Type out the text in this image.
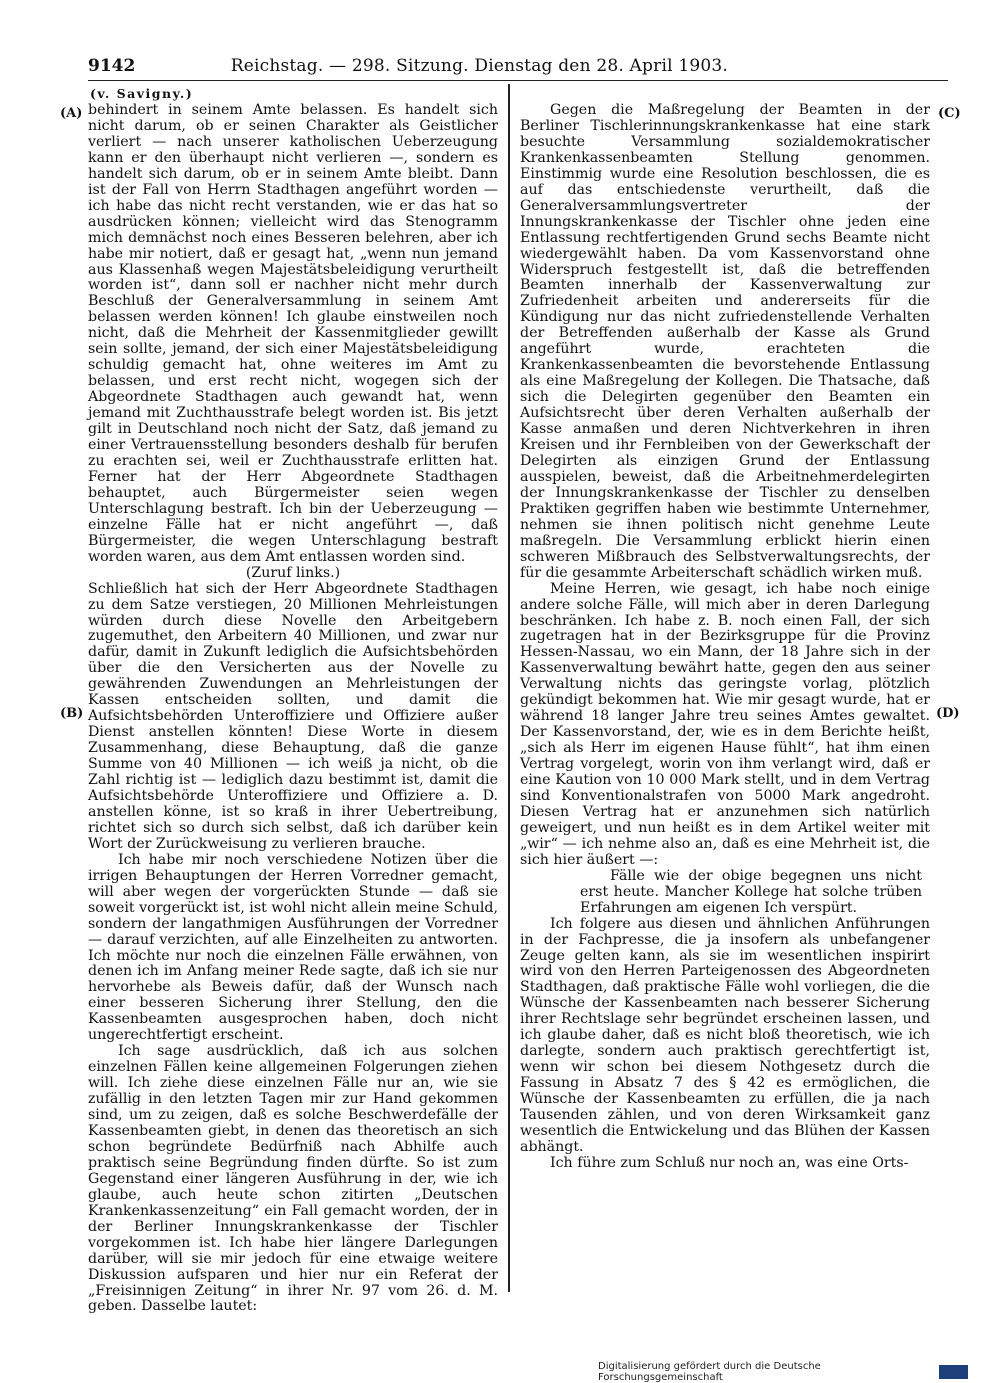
9142	Reichstag. — 298. Sitzung. Dienstag den 28. April 1903.
(v. Savigny.)
(A)
(B)
(C)
(D)

behindert in seinem Amte belassen. Es handelt sich nicht darum, ob er seinen Charakter als Geistlicher verliert — nach unserer katholischen Ueberzeugung kann er den überhaupt nicht verlieren —, sondern es handelt sich darum, ob er in seinem Amte bleibt. Dann ist der Fall von Herrn Stadthagen angeführt worden — ich habe das nicht recht verstanden, wie er das hat so ausdrücken können; vielleicht wird das Stenogramm mich demnächst noch eines Besseren belehren, aber ich habe mir notiert, daß er gesagt hat, „wenn nun jemand aus Klassenhaß wegen Majestätsbeleidigung verurtheilt worden ist“, dann soll er nachher nicht mehr durch Beschluß der Generalversammlung in seinem Amt belassen werden können! Ich glaube einstweilen noch nicht, daß die Mehrheit der Kassenmitglieder gewillt sein sollte, jemand, der sich einer Majestätsbeleidigung schuldig gemacht hat, ohne weiteres im Amt zu belassen, und erst recht nicht, wogegen sich der Abgeordnete Stadthagen auch gewandt hat, wenn jemand mit Zuchthausstrafe belegt worden ist. Bis jetzt gilt in Deutschland noch nicht der Satz, daß jemand zu einer Vertrauensstellung besonders deshalb für berufen zu erachten sei, weil er Zuchthausstrafe erlitten hat. Ferner hat der Herr Abgeordnete Stadthagen behauptet, auch Bürgermeister seien wegen Unterschlagung bestraft. Ich bin der Ueberzeugung — einzelne Fälle hat er nicht angeführt —, daß Bürgermeister, die wegen Unterschlagung bestraft worden waren, aus dem Amt entlassen worden sind.

(Zuruf links.)

Schließlich hat sich der Herr Abgeordnete Stadthagen zu dem Satze verstiegen, 20 Millionen Mehrleistungen würden durch diese Novelle den Arbeitgebern zugemuthet, den Arbeitern 40 Millionen, und zwar nur dafür, damit in Zukunft lediglich die Aufsichtsbehörden über die den Versicherten aus der Novelle zu gewährenden Zuwendungen an Mehrleistungen der Kassen entscheiden sollten, und damit die Aufsichtsbehörden Unteroffiziere und Offiziere außer Dienst anstellen könnten! Diese Worte in diesem Zusammenhang, diese Behauptung, daß die ganze Summe von 40 Millionen — ich weiß ja nicht, ob die Zahl richtig ist — lediglich dazu bestimmt ist, damit die Aufsichtsbehörde Unteroffiziere und Offiziere a. D. anstellen könne, ist so kraß in ihrer Uebertreibung, richtet sich so durch sich selbst, daß ich darüber kein Wort der Zurückweisung zu verlieren brauche.

Ich habe mir noch verschiedene Notizen über die irrigen Behauptungen der Herren Vorredner gemacht, will aber wegen der vorgerückten Stunde — daß sie soweit vorgerückt ist, ist wohl nicht allein meine Schuld, sondern der langathmigen Ausführungen der Vorredner — darauf verzichten, auf alle Einzelheiten zu antworten. Ich möchte nur noch die einzelnen Fälle erwähnen, von denen ich im Anfang meiner Rede sagte, daß ich sie nur hervorhebe als Beweis dafür, daß der Wunsch nach einer besseren Sicherung ihrer Stellung, den die Kassenbeamten ausgesprochen haben, doch nicht ungerechtfertigt erscheint.

Ich sage ausdrücklich, daß ich aus solchen einzelnen Fällen keine allgemeinen Folgerungen ziehen will. Ich ziehe diese einzelnen Fälle nur an, wie sie zufällig in den letzten Tagen mir zur Hand gekommen sind, um zu zeigen, daß es solche Beschwerdefälle der Kassenbeamten giebt, in denen das theoretisch an sich schon begründete Bedürfniß nach Abhilfe auch praktisch seine Begründung finden dürfte. So ist zum Gegenstand einer längeren Ausführung in der, wie ich glaube, auch heute schon zitirten „Deutschen Krankenkassenzeitung“ ein Fall gemacht worden, der in der Berliner Innungskrankenkasse der Tischler vorgekommen ist. Ich habe hier längere Darlegungen darüber, will sie mir jedoch für eine etwaige weitere Diskussion aufsparen und hier nur ein Referat der „Freisinnigen Zeitung“ in ihrer Nr. 97 vom 26. d. M. geben. Dasselbe lautet:

Gegen die Maßregelung der Beamten in der Berliner Tischlerinnungskrankenkasse hat eine stark besuchte Versammlung sozialdemokratischer Krankenkassenbeamten Stellung genommen. Einstimmig wurde eine Resolution beschlossen, die es auf das entschiedenste verurtheilt, daß die Generalversammlungsvertreter der Innungskrankenkasse der Tischler ohne jeden eine Entlassung rechtfertigenden Grund sechs Beamte nicht wiedergewählt haben. Da vom Kassenvorstand ohne Widerspruch festgestellt ist, daß die betreffenden Beamten innerhalb der Kassenverwaltung zur Zufriedenheit arbeiten und andererseits für die Kündigung nur das nicht zufriedenstellende Verhalten der Betreffenden außerhalb der Kasse als Grund angeführt wurde, erachteten die Krankenkassenbeamten die bevorstehende Entlassung als eine Maßregelung der Kollegen. Die Thatsache, daß sich die Delegirten gegenüber den Beamten ein Aufsichtsrecht über deren Verhalten außerhalb der Kasse anmaßen und deren Nichtverkehren in ihren Kreisen und ihr Fernbleiben von der Gewerkschaft der Delegirten als einzigen Grund der Entlassung ausspielen, beweist, daß die Arbeitnehmerdelegirten der Innungskrankenkasse der Tischler zu denselben Praktiken gegriffen haben wie bestimmte Unternehmer, nehmen sie ihnen politisch nicht genehme Leute maßregeln. Die Versammlung erblickt hierin einen schweren Mißbrauch des Selbstverwaltungsrechts, der für die gesammte Arbeiterschaft schädlich wirken muß.

Meine Herren, wie gesagt, ich habe noch einige andere solche Fälle, will mich aber in deren Darlegung beschränken. Ich habe z. B. noch einen Fall, der sich zugetragen hat in der Bezirksgruppe für die Provinz Hessen-Nassau, wo ein Mann, der 18 Jahre sich in der Kassenverwaltung bewährt hatte, gegen den aus seiner Verwaltung nichts das geringste vorlag, plötzlich gekündigt bekommen hat. Wie mir gesagt wurde, hat er während 18 langer Jahre treu seines Amtes gewaltet. Der Kassenvorstand, der, wie es in dem Berichte heißt, „sich als Herr im eigenen Hause fühlt“, hat ihm einen Vertrag vorgelegt, worin von ihm verlangt wird, daß er eine Kaution von 10 000 Mark stellt, und in dem Vertrag sind Konventionalstrafen von 5000 Mark angedroht. Diesen Vertrag hat er anzunehmen sich natürlich geweigert, und nun heißt es in dem Artikel weiter mit „wir“ — ich nehme also an, daß es eine Mehrheit ist, die sich hier äußert —:

Fälle wie der obige begegnen uns nicht erst heute. Mancher Kollege hat solche trüben Erfahrungen am eigenen Ich verspürt.

Ich folgere aus diesen und ähnlichen Anführungen in der Fachpresse, die ja insofern als unbefangener Zeuge gelten kann, als sie im wesentlichen inspirirt wird von den Herren Parteigenossen des Abgeordneten Stadthagen, daß praktische Fälle wohl vorliegen, die die Wünsche der Kassenbeamten nach besserer Sicherung ihrer Rechtslage sehr begründet erscheinen lassen, und ich glaube daher, daß es nicht bloß theoretisch, wie ich darlegte, sondern auch praktisch gerechtfertigt ist, wenn wir schon bei diesem Nothgesetz durch die Fassung in Absatz 7 des § 42 es ermöglichen, die Wünsche der Kassenbeamten zu erfüllen, die ja nach Tausenden zählen, und von deren Wirksamkeit ganz wesentlich die Entwickelung und das Blühen der Kassen abhängt.

Ich führe zum Schluß nur noch an, was eine Orts-

Digitalisierung gefördert durch die Deutsche Forschungsgemeinschaft
